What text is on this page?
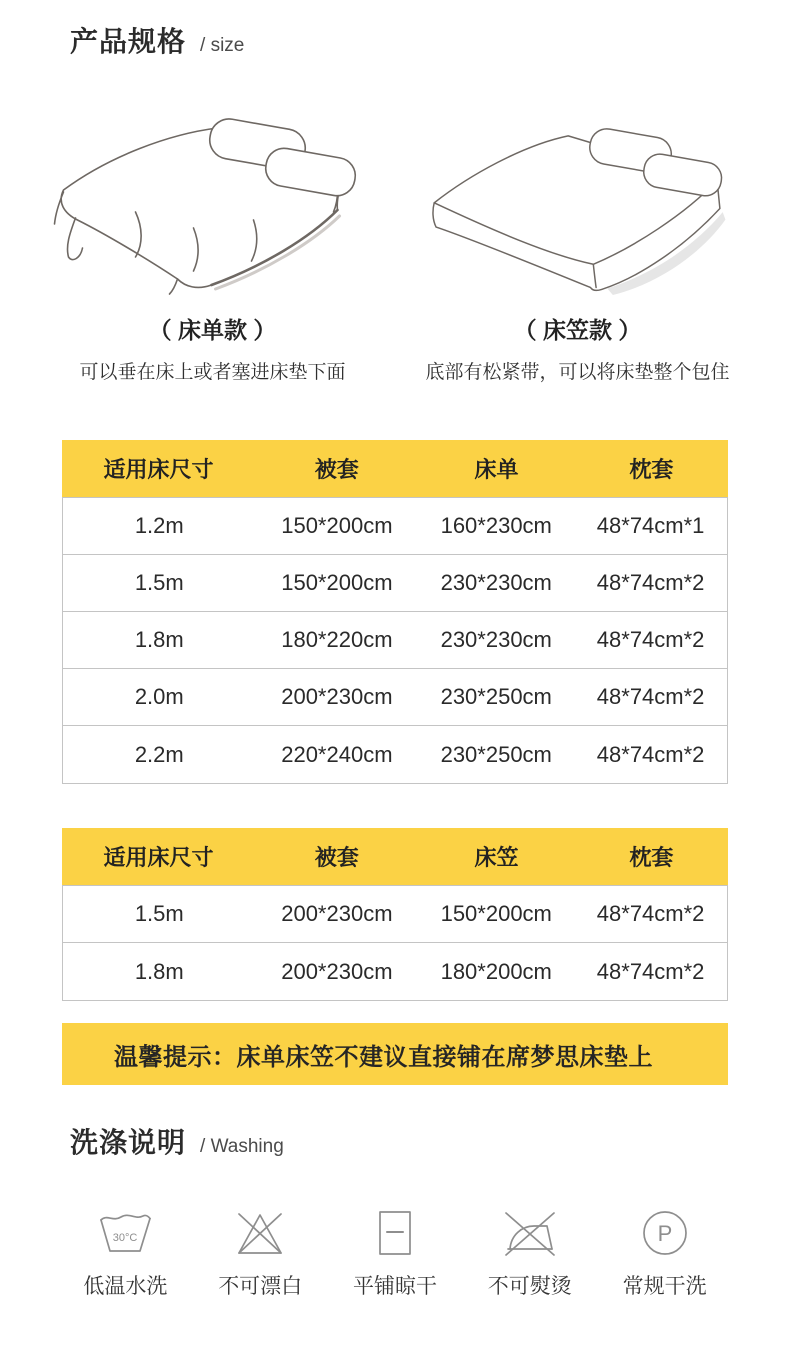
产品规格 / size
（ 床单款 ）
可以垂在床上或者塞进床垫下面
（ 床笠款 ）
底部有松紧带，可以将床垫整个包住
适用床尺寸	被套	床单	枕套
1.2m	150*200cm	160*230cm	48*74cm*1
1.5m	150*200cm	230*230cm	48*74cm*2
1.8m	180*220cm	230*230cm	48*74cm*2
2.0m	200*230cm	230*250cm	48*74cm*2
2.2m	220*240cm	230*250cm	48*74cm*2
适用床尺寸	被套	床笠	枕套
1.5m	200*230cm	150*200cm	48*74cm*2
1.8m	200*230cm	180*200cm	48*74cm*2
温馨提示：床单床笠不建议直接铺在席梦思床垫上
洗涤说明 / Washing
30°C
低温水洗 不可漂白 平铺晾干 不可熨烫
P
常规干洗
